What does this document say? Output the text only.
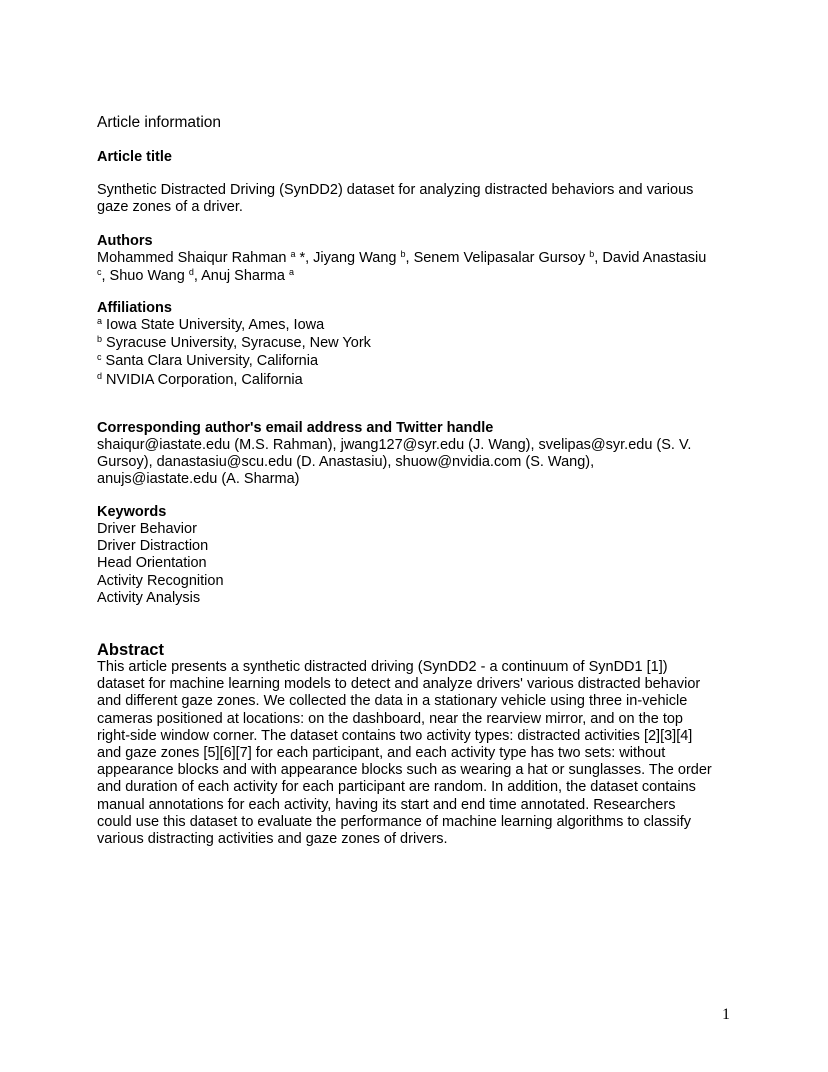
Article information
Article title
Synthetic Distracted Driving (SynDD2) dataset for analyzing distracted behaviors and various
gaze zones of a driver.
Authors
Mohammed Shaiqur Rahman $^a$ *, Jiyang Wang $^b$, Senem Velipasalar Gursoy $^b$, David Anastasiu
$^c$, Shuo Wang $^d$, Anuj Sharma $^a$
Affiliations
$^a$ Iowa State University, Ames, Iowa
$^b$ Syracuse University, Syracuse, New York
$^c$ Santa Clara University, California
$^d$ NVIDIA Corporation, California
Corresponding author's email address and Twitter handle
shaiqur@iastate.edu (M.S. Rahman), jwang127@syr.edu (J. Wang), svelipas@syr.edu (S. V.
Gursoy), danastasiu@scu.edu (D. Anastasiu), shuow@nvidia.com (S. Wang),
anujs@iastate.edu (A. Sharma)
Keywords
Driver Behavior
Driver Distraction
Head Orientation
Activity Recognition
Activity Analysis
Abstract
This article presents a synthetic distracted driving (SynDD2 - a continuum of SynDD1 [1])
dataset for machine learning models to detect and analyze drivers' various distracted behavior
and different gaze zones. We collected the data in a stationary vehicle using three in-vehicle
cameras positioned at locations: on the dashboard, near the rearview mirror, and on the top
right-side window corner. The dataset contains two activity types: distracted activities [2][3][4]
and gaze zones [5][6][7] for each participant, and each activity type has two sets: without
appearance blocks and with appearance blocks such as wearing a hat or sunglasses. The order
and duration of each activity for each participant are random. In addition, the dataset contains
manual annotations for each activity, having its start and end time annotated. Researchers
could use this dataset to evaluate the performance of machine learning algorithms to classify
various distracting activities and gaze zones of drivers.
1
